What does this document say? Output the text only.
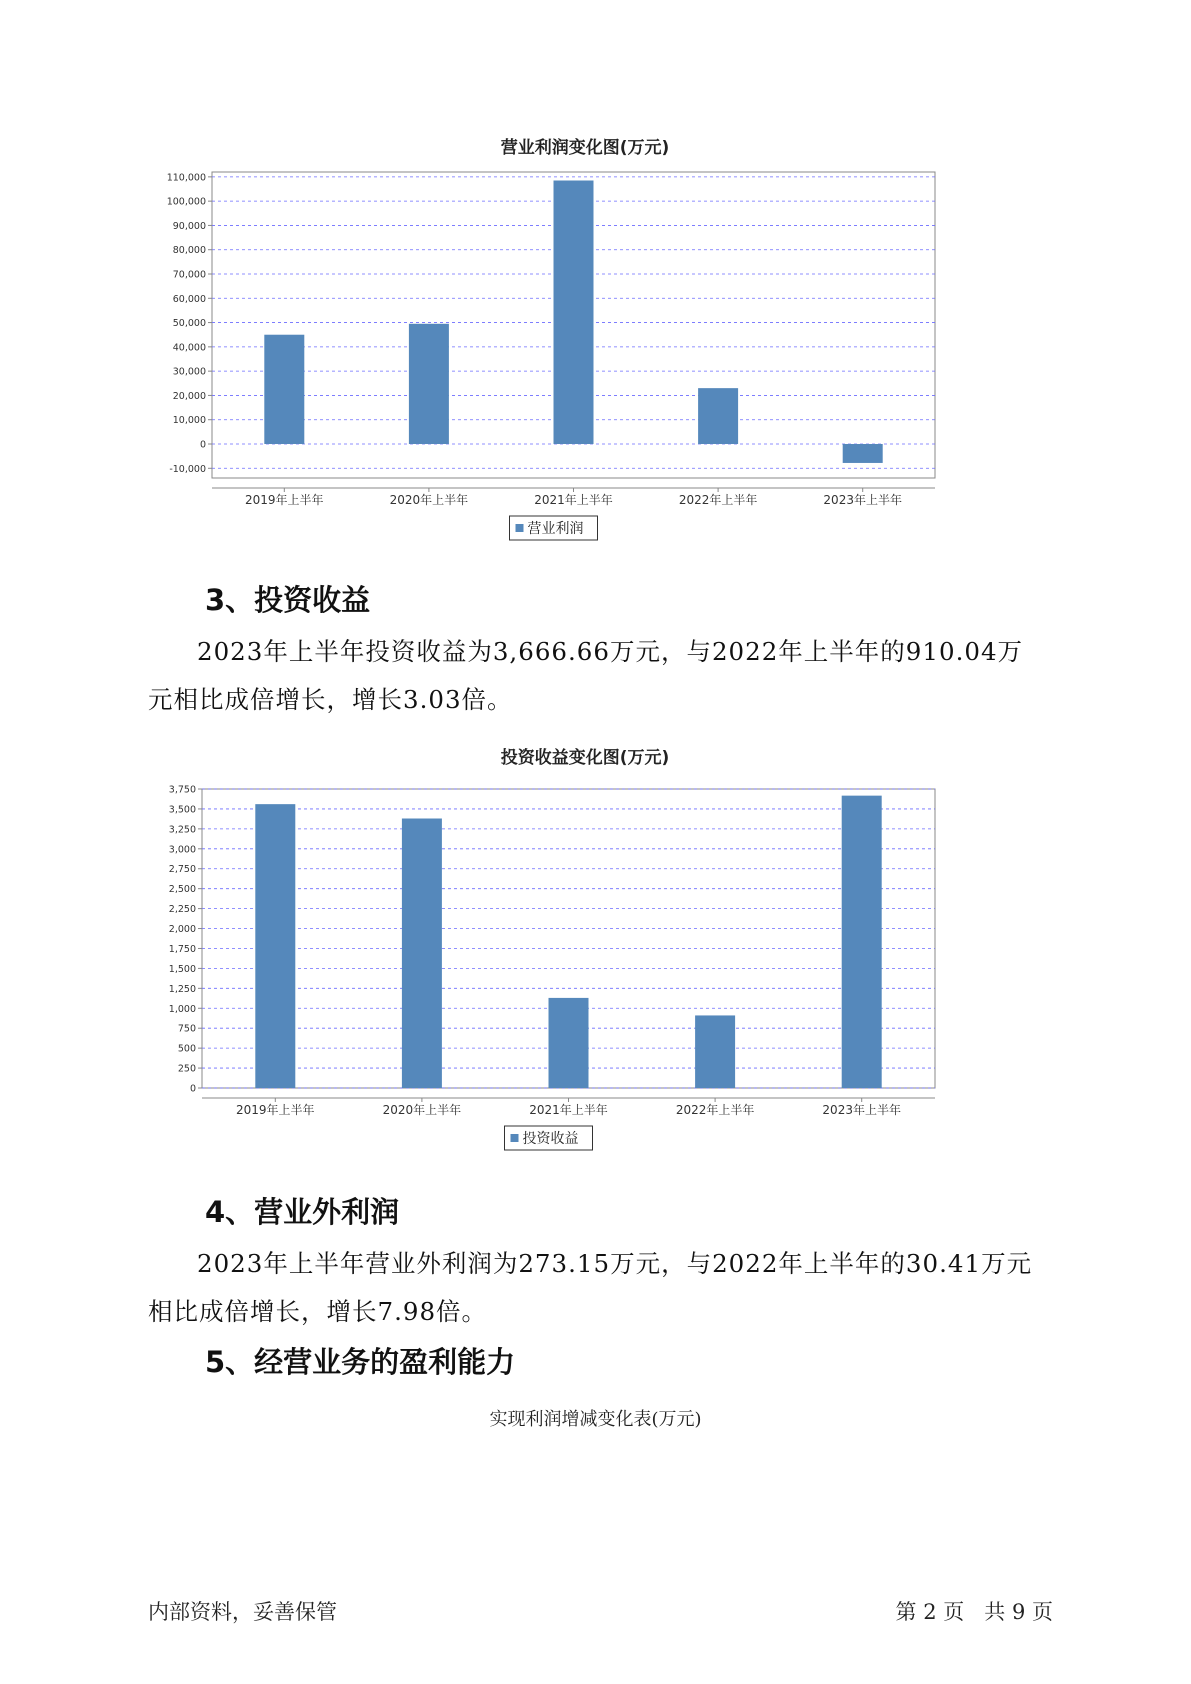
营业利润变化图(万元)
-10,000
0
10,000
20,000
30,000
40,000
50,000
60,000
70,000
80,000
90,000
100,000
110,000
2019年上半年	2020年上半年	2021年上半年	2022年上半年	2023年上半年
营业利润
3、投资收益

2023年上半年投资收益为3,666.66万元，与2022年上半年的910.04万
元相比成倍增长，增长3.03倍。

投资收益变化图(万元)
0
250
500
750
1,000
1,250
1,500
1,750
2,000
2,250
2,500
2,750
3,000
3,250
3,500
3,750
2019年上半年	2020年上半年	2021年上半年	2022年上半年	2023年上半年
投资收益
4、营业外利润

2023年上半年营业外利润为273.15万元，与2022年上半年的30.41万元
相比成倍增长，增长7.98倍。

5、经营业务的盈利能力
实现利润增减变化表(万元)
内部资料，妥善保管	第 2 页   共 9 页
